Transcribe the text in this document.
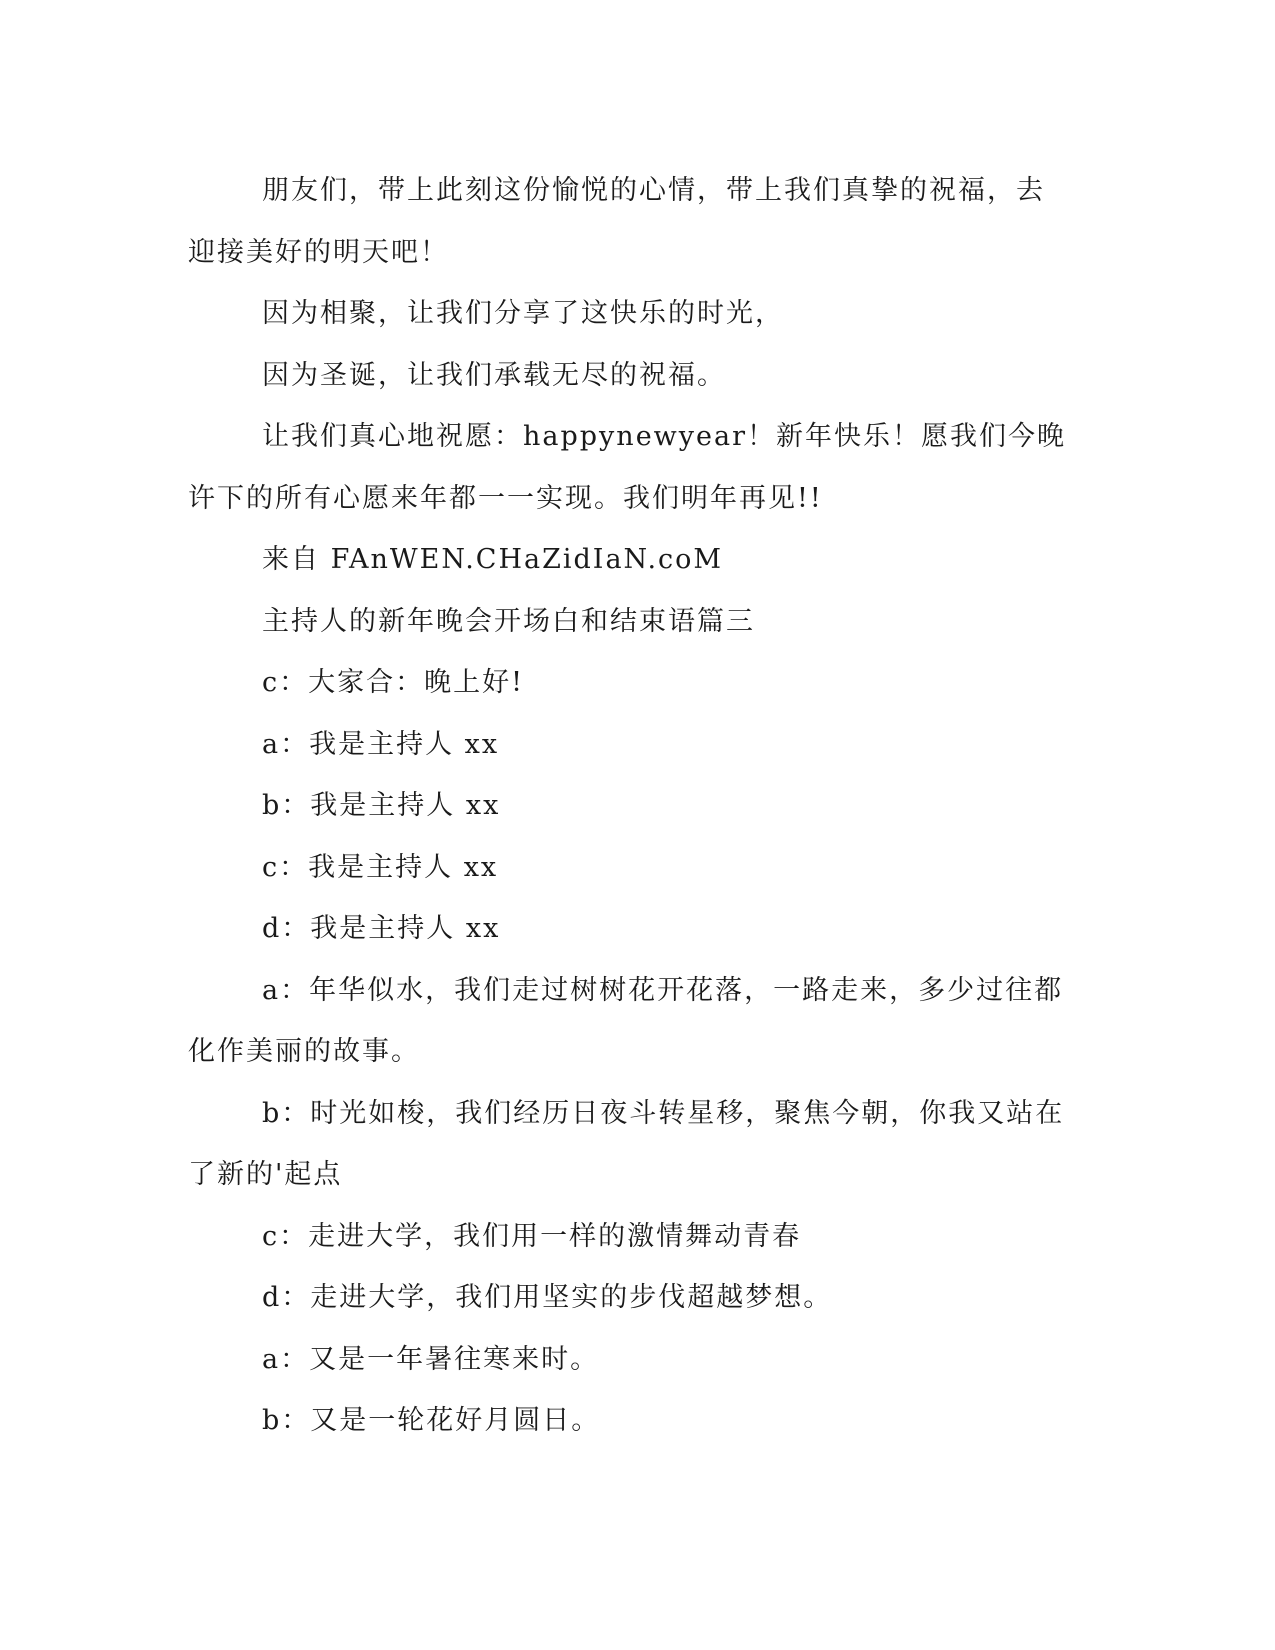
朋友们，带上此刻这份愉悦的心情，带上我们真挚的祝福，去迎接美好的明天吧！

因为相聚，让我们分享了这快乐的时光，

因为圣诞，让我们承载无尽的祝福。

让我们真心地祝愿：happynewyear！新年快乐！愿我们今晚许下的所有心愿来年都一一实现。我们明年再见!!

来自 FAnWEN.CHaZidIaN.coM

主持人的新年晚会开场白和结束语篇三

c：大家合：晚上好!

a：我是主持人 xx

b：我是主持人 xx

c：我是主持人 xx

d：我是主持人 xx

a：年华似水，我们走过树树花开花落，一路走来，多少过往都化作美丽的故事。

b：时光如梭，我们经历日夜斗转星移，聚焦今朝，你我又站在了新的'起点

c：走进大学，我们用一样的激情舞动青春

d：走进大学，我们用坚实的步伐超越梦想。

a：又是一年暑往寒来时。

b：又是一轮花好月圆日。
